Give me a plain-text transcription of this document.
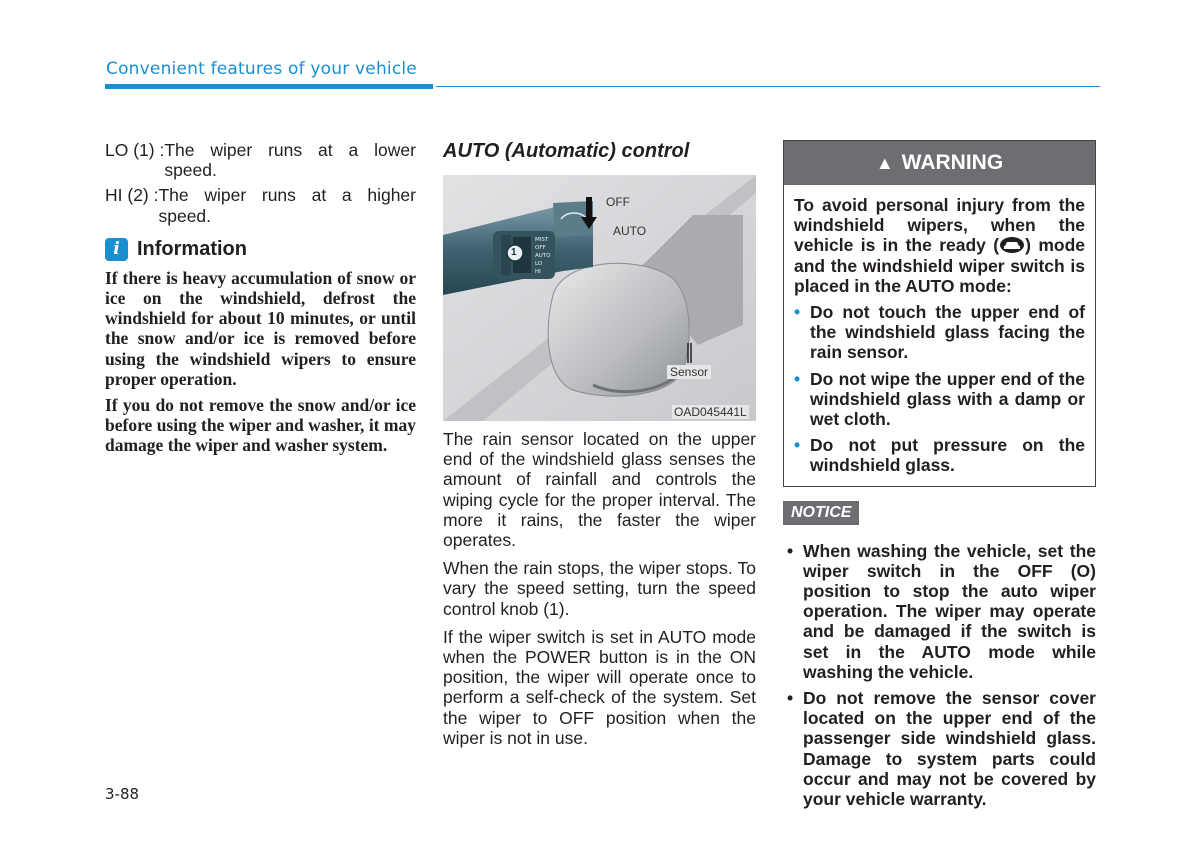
Convenient features of your vehicle
LO (1) : The wiper runs at a lower speed.
HI (2) : The wiper runs at a higher speed.
i Information

If there is heavy accumulation of snow or ice on the windshield, defrost the windshield for about 10 minutes, or until the snow and/or ice is removed before using the windshield wipers to ensure proper operation.

If you do not remove the snow and/or ice before using the wiper and washer, it may damage the wiper and washer system.

AUTO (Automatic) control
MIST
OFF
AUTO
LO
HI
OFF
AUTO
1
Sensor
OAD045441L

The rain sensor located on the upper end of the windshield glass senses the amount of rainfall and controls the wiping cycle for the proper interval. The more it rains, the faster the wiper operates.

When the rain stops, the wiper stops. To vary the speed setting, turn the speed control knob (1).

If the wiper switch is set in AUTO mode when the POWER button is in the ON position, the wiper will operate once to perform a self-check of the system. Set the wiper to OFF position when the wiper is not in use.

▲ WARNING

To avoid personal injury from the windshield wipers, when the vehicle is in the ready ( ) mode and the windshield wiper switch is placed in the AUTO mode:

• Do not touch the upper end of the windshield glass facing the rain sensor.
• Do not wipe the upper end of the windshield glass with a damp or wet cloth.
• Do not put pressure on the windshield glass.
NOTICE
• When washing the vehicle, set the wiper switch in the OFF (O) position to stop the auto wiper operation. The wiper may operate and be damaged if the switch is set in the AUTO mode while washing the vehicle.
• Do not remove the sensor cover located on the upper end of the passenger side windshield glass. Damage to system parts could occur and may not be covered by your vehicle warranty.
3-88
